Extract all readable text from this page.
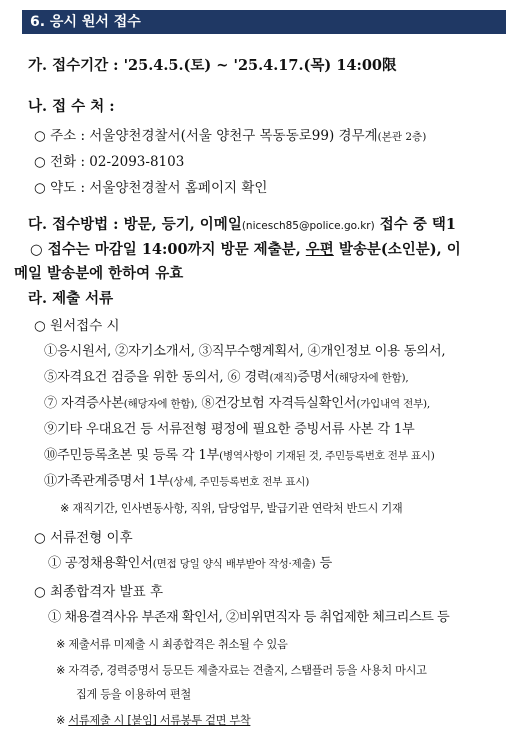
6. 응시 원서 접수
가. 접수기간 : '25.4.5.(토) ~ '25.4.17.(목) 14:00限
나. 접 수 처 :
○ 주소 : 서울양천경찰서(서울 양천구 목동동로99) 경무계(본관 2층)
○ 전화 : 02-2093-8103
○ 약도 : 서울양천경찰서 홈페이지 확인
다. 접수방법 : 방문, 등기, 이메일(nicesch85@police.go.kr) 접수 중 택1
○ 접수는 마감일 14:00까지 방문 제출분, 우편 발송분(소인분), 이
메일 발송분에 한하여 유효
라. 제출 서류
○ 원서접수 시
①응시원서, ②자기소개서, ③직무수행계획서, ④개인정보 이용 동의서,
⑤자격요건 검증을 위한 동의서, ⑥ 경력(재직)증명서(해당자에 한함),
⑦ 자격증사본(해당자에 한함), ⑧건강보험 자격득실확인서(가입내역 전부),
⑨기타 우대요건 등 서류전형 평정에 필요한 증빙서류 사본 각 1부
⑩주민등록초본 및 등록 각 1부(병역사항이 기재된 것, 주민등록번호 전부 표시)
⑪가족관계증명서 1부(상세, 주민등록번호 전부 표시)
※ 재직기간, 인사변동사항, 직위, 담당업무, 발급기관 연락처 반드시 기재
○ 서류전형 이후
① 공정채용확인서(면접 당일 양식 배부받아 작성·제출) 등
○ 최종합격자 발표 후
① 채용결격사유 부존재 확인서, ②비위면직자 등 취업제한 체크리스트 등
※ 제출서류 미제출 시 최종합격은 취소될 수 있음
※ 자격증, 경력증명서 등모든 제출자료는 견출지, 스탬플러 등을 사용치 마시고
집게 등을 이용하여 편철
※ 서류제출 시 [붙임] 서류봉투 겉면 부착
